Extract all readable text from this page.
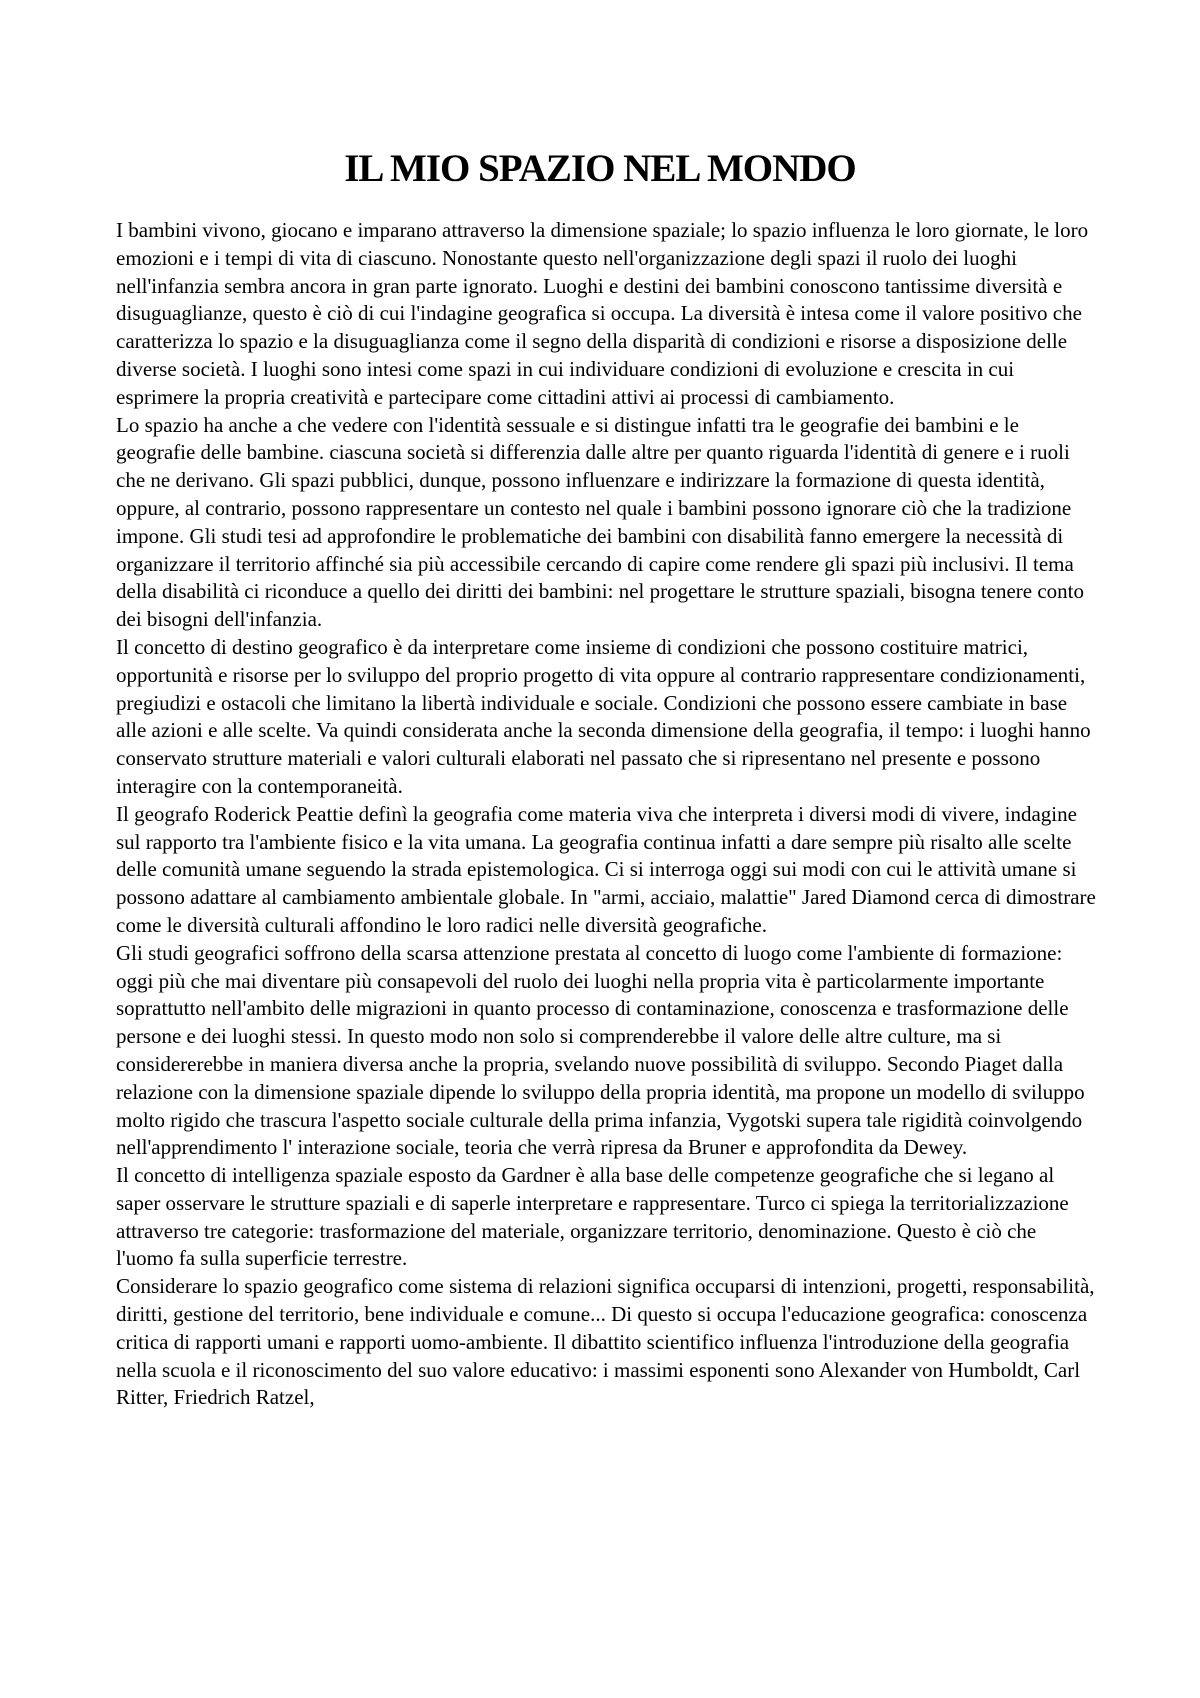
IL MIO SPAZIO NEL MONDO

I bambini vivono, giocano e imparano attraverso la dimensione spaziale; lo spazio influenza le loro giornate, le loro emozioni e i tempi di vita di ciascuno. Nonostante questo nell'organizzazione degli spazi il ruolo dei luoghi nell'infanzia sembra ancora in gran parte ignorato. Luoghi e destini dei bambini conoscono tantissime diversità e disuguaglianze, questo è ciò di cui l'indagine geografica si occupa. La diversità è intesa come il valore positivo che caratterizza lo spazio e la disuguaglianza come il segno della disparità di condizioni e risorse a disposizione delle diverse società. I luoghi sono intesi come spazi in cui individuare condizioni di evoluzione e crescita in cui esprimere la propria creatività e partecipare come cittadini attivi ai processi di cambiamento.

Lo spazio ha anche a che vedere con l'identità sessuale e si distingue infatti tra le geografie dei bambini e le geografie delle bambine. ciascuna società si differenzia dalle altre per quanto riguarda l'identità di genere e i ruoli che ne derivano. Gli spazi pubblici, dunque, possono influenzare e indirizzare la formazione di questa identità, oppure, al contrario, possono rappresentare un contesto nel quale i bambini possono ignorare ciò che la tradizione impone. Gli studi tesi ad approfondire le problematiche dei bambini con disabilità fanno emergere la necessità di organizzare il territorio affinché sia più accessibile cercando di capire come rendere gli spazi più inclusivi. Il tema della disabilità ci riconduce a quello dei diritti dei bambini: nel progettare le strutture spaziali, bisogna tenere conto dei bisogni dell'infanzia.

Il concetto di destino geografico è da interpretare come insieme di condizioni che possono costituire matrici, opportunità e risorse per lo sviluppo del proprio progetto di vita oppure al contrario rappresentare condizionamenti, pregiudizi e ostacoli che limitano la libertà individuale e sociale. Condizioni che possono essere cambiate in base alle azioni e alle scelte. Va quindi considerata anche la seconda dimensione della geografia, il tempo: i luoghi hanno conservato strutture materiali e valori culturali elaborati nel passato che si ripresentano nel presente e possono interagire con la contemporaneità.

Il geografo Roderick Peattie definì la geografia come materia viva che interpreta i diversi modi di vivere, indagine sul rapporto tra l'ambiente fisico e la vita umana. La geografia continua infatti a dare sempre più risalto alle scelte delle comunità umane seguendo la strada epistemologica. Ci si interroga oggi sui modi con cui le attività umane si possono adattare al cambiamento ambientale globale. In "armi, acciaio, malattie" Jared Diamond cerca di dimostrare come le diversità culturali affondino le loro radici nelle diversità geografiche.

Gli studi geografici soffrono della scarsa attenzione prestata al concetto di luogo come l'ambiente di formazione: oggi più che mai diventare più consapevoli del ruolo dei luoghi nella propria vita è particolarmente importante soprattutto nell'ambito delle migrazioni in quanto processo di contaminazione, conoscenza e trasformazione delle persone e dei luoghi stessi. In questo modo non solo si comprenderebbe il valore delle altre culture, ma si considererebbe in maniera diversa anche la propria, svelando nuove possibilità di sviluppo. Secondo Piaget dalla relazione con la dimensione spaziale dipende lo sviluppo della propria identità, ma propone un modello di sviluppo molto rigido che trascura l'aspetto sociale culturale della prima infanzia, Vygotski supera tale rigidità coinvolgendo nell'apprendimento l' interazione sociale, teoria che verrà ripresa da Bruner e approfondita da Dewey.

Il concetto di intelligenza spaziale esposto da Gardner è alla base delle competenze geografiche che si legano al saper osservare le strutture spaziali e di saperle interpretare e rappresentare. Turco ci spiega la territorializzazione attraverso tre categorie: trasformazione del materiale, organizzare territorio, denominazione. Questo è ciò che l'uomo fa sulla superficie terrestre.

Considerare lo spazio geografico come sistema di relazioni significa occuparsi di intenzioni, progetti, responsabilità, diritti, gestione del territorio, bene individuale e comune... Di questo si occupa l'educazione geografica: conoscenza critica di rapporti umani e rapporti uomo-ambiente. Il dibattito scientifico influenza l'introduzione della geografia nella scuola e il riconoscimento del suo valore educativo: i massimi esponenti sono Alexander von Humboldt, Carl Ritter, Friedrich Ratzel,
